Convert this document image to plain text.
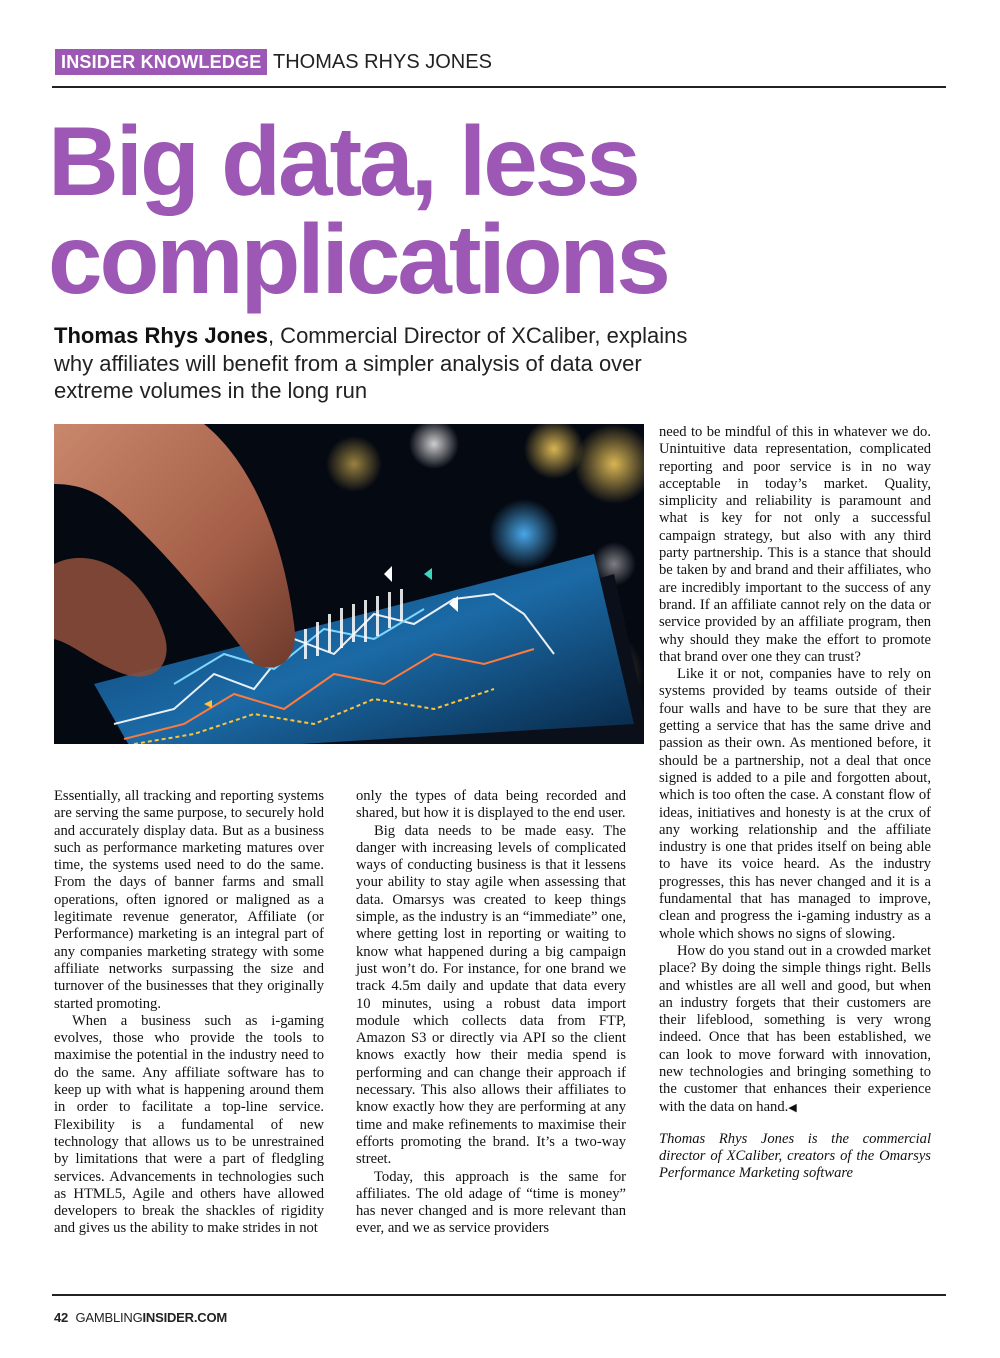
INSIDER KNOWLEDGE THOMAS RHYS JONES
Big data, less
complications
Thomas Rhys Jones, Commercial Director of XCaliber, explains why affiliates will benefit from a simpler analysis of data over extreme volumes in the long run

Essentially, all tracking and reporting systems are serving the same purpose, to securely hold and accurately display data. But as a business such as performance marketing matures over time, the systems used need to do the same. From the days of banner farms and small operations, often ignored or maligned as a legitimate revenue generator, Affiliate (or Performance) marketing is an integral part of any companies marketing strategy with some affiliate networks surpassing the size and turnover of the businesses that they originally started promoting.

When a business such as i-gaming evolves, those who provide the tools to maximise the potential in the industry need to do the same. Any affiliate software has to keep up with what is happening around them in order to facilitate a top-line service. Flexibility is a fundamental of new technology that allows us to be unrestrained by limitations that were a part of fledgling services. Advancements in technologies such as HTML5, Agile and others have allowed developers to break the shackles of rigidity and gives us the ability to make strides in not

only the types of data being recorded and shared, but how it is displayed to the end user.

Big data needs to be made easy. The danger with increasing levels of complicated ways of conducting business is that it lessens your ability to stay agile when assessing that data. Omarsys was created to keep things simple, as the industry is an “immediate” one, where getting lost in reporting or waiting to know what happened during a big campaign just won’t do. For instance, for one brand we track 4.5m daily and update that data every 10 minutes, using a robust data import module which collects data from FTP, Amazon S3 or directly via API so the client knows exactly how their media spend is performing and can change their approach if necessary. This also allows their affiliates to know exactly how they are performing at any time and make refinements to maximise their efforts promoting the brand. It’s a two-way street.

Today, this approach is the same for affiliates. The old adage of “time is money” has never changed and is more relevant than ever, and we as service providers

need to be mindful of this in whatever we do. Unintuitive data representation, complicated reporting and poor service is in no way acceptable in today’s market. Quality, simplicity and reliability is paramount and what is key for not only a successful campaign strategy, but also with any third party partnership. This is a stance that should be taken by and brand and their affiliates, who are incredibly important to the success of any brand. If an affiliate cannot rely on the data or service provided by an affiliate program, then why should they make the effort to promote that brand over one they can trust?

Like it or not, companies have to rely on systems provided by teams outside of their four walls and have to be sure that they are getting a service that has the same drive and passion as their own. As mentioned before, it should be a partnership, not a deal that once signed is added to a pile and forgotten about, which is too often the case. A constant flow of ideas, initiatives and honesty is at the crux of any working relationship and the affiliate industry is one that prides itself on being able to have its voice heard. As the industry progresses, this has never changed and it is a fundamental that has managed to improve, clean and progress the i-gaming industry as a whole which shows no signs of slowing.

How do you stand out in a crowded market place? By doing the simple things right. Bells and whistles are all well and good, but when an industry forgets that their customers are their lifeblood, something is very wrong indeed. Once that has been established, we can look to move forward with innovation, new technologies and bringing something to the customer that enhances their experience with the data on hand.◀

Thomas Rhys Jones is the commercial director of XCaliber, creators of the Omarsys Performance Marketing software

42 GAMBLINGINSIDER.COM
